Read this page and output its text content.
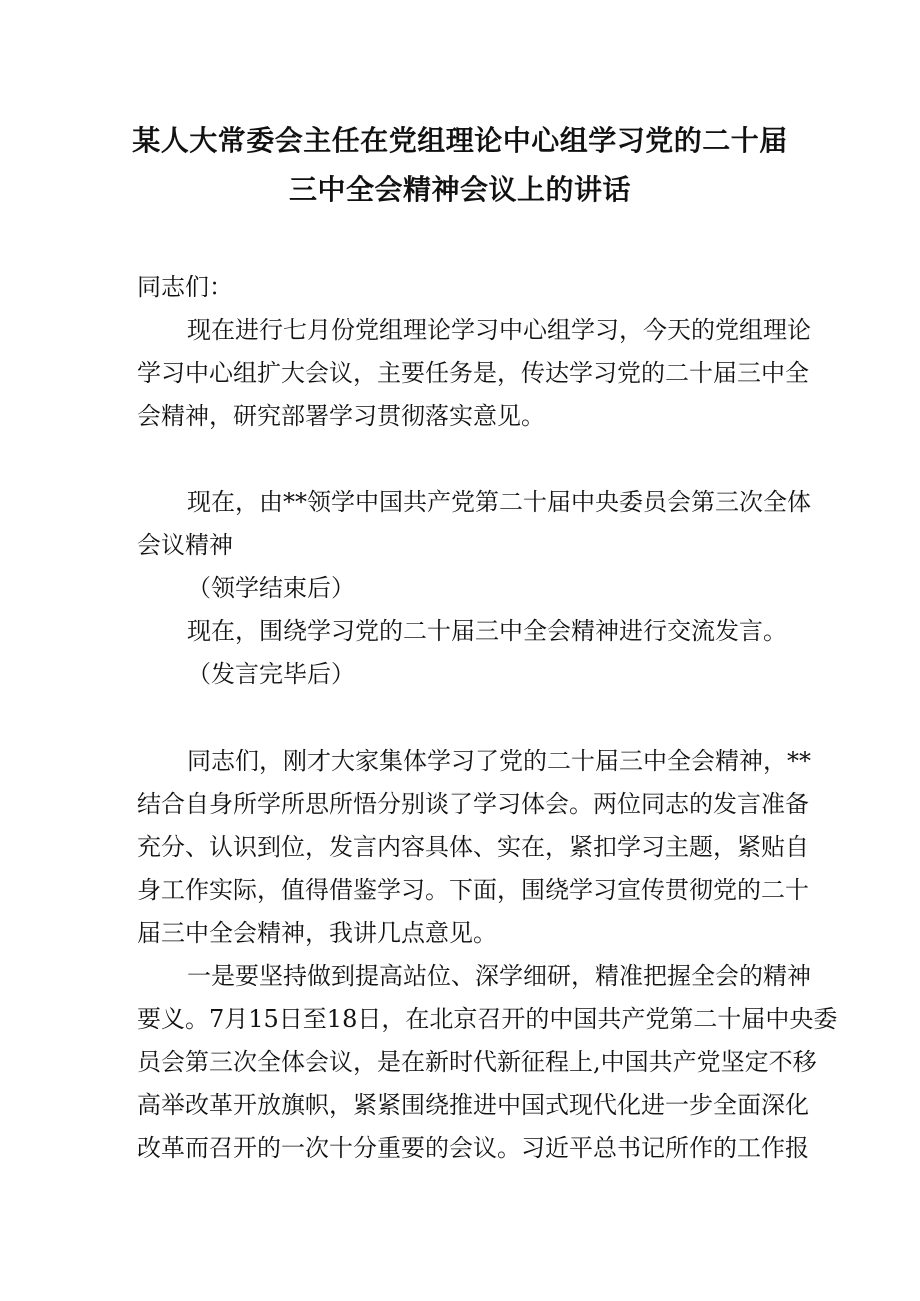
某人大常委会主任在党组理论中心组学习党的二十届
三中全会精神会议上的讲话
同志们：
现在进行七月份党组理论学习中心组学习，今天的党组理论
学习中心组扩大会议，主要任务是，传达学习党的二十届三中全
会精神，研究部署学习贯彻落实意见。
现在，由**领学中国共产党第二十届中央委员会第三次全体
会议精神
（领学结束后）
现在，围绕学习党的二十届三中全会精神进行交流发言。
（发言完毕后）
同志们，刚才大家集体学习了党的二十届三中全会精神，**
结合自身所学所思所悟分别谈了学习体会。两位同志的发言准备
充分、认识到位，发言内容具体、实在，紧扣学习主题，紧贴自
身工作实际，值得借鉴学习。下面，围绕学习宣传贯彻党的二十
届三中全会精神，我讲几点意见。
一是要坚持做到提高站位、深学细研，精准把握全会的精神
要义。7月15日至18日，在北京召开的中国共产党第二十届中央委
员会第三次全体会议，是在新时代新征程上,中国共产党坚定不移
高举改革开放旗帜，紧紧围绕推进中国式现代化进一步全面深化
改革而召开的一次十分重要的会议。习近平总书记所作的工作报
